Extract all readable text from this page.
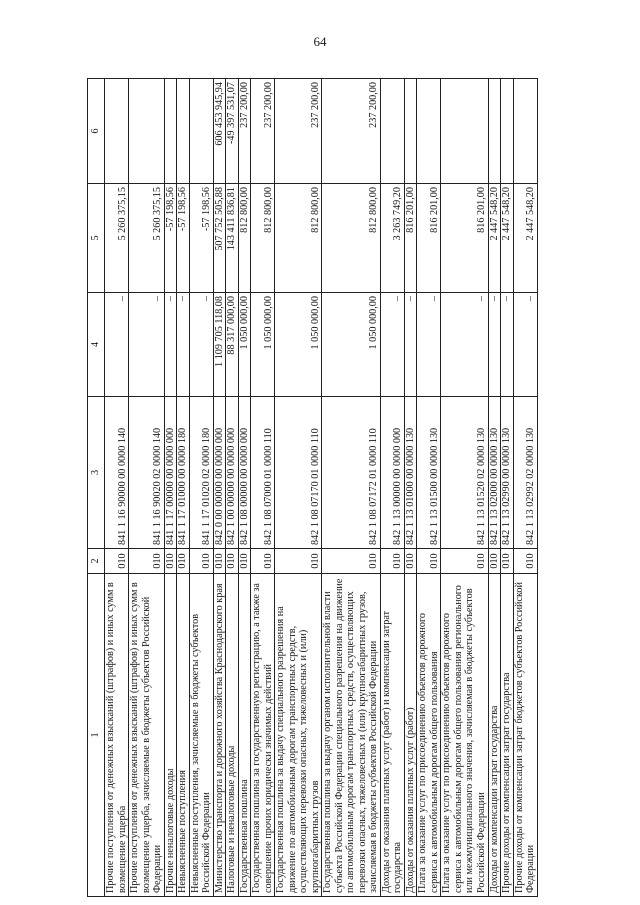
64
1	2	3	4	5	6
Прочие поступления от денежных взысканий (штрафов) и иных сумм в возмещение ущерба	010	841 1 16 90000 00 0000 140	–	5 260 375,15	
Прочие поступления от денежных взысканий (штрафов) и иных сумм в возмещение ущерба, зачисляемые в бюджеты субъектов Российской Федерации	010	841 1 16 90020 02 0000 140	–	5 260 375,15	
Прочие неналоговые доходы	010	841 1 17 00000 00 0000 000	–	-57 198,56	
Невыясненные поступления	010	841 1 17 01000 00 0000 180	–	-57 198,56	
Невыясненные поступления, зачисляемые в бюджеты субъектов Российской Федерации	010	841 1 17 01020 02 0000 180	–	-57 198,56	
Министерство транспорта и дорожного хозяйства Краснодарского края	010	842 0 00 00000 00 0000 000	1 109 705 118,08	507 752 505,88	606 453 945,94
Налоговые и неналоговые доходы	010	842 1 00 00000 00 0000 000	88 317 000,00	143 411 836,81	-49 397 531,07
Государственная пошлина	010	842 1 08 00000 00 0000 000	1 050 000,00	812 800,00	237 200,00
Государственная пошлина за государственную регистрацию, а также за совершение прочих юридически значимых действий	010	842 1 08 07000 01 0000 110	1 050 000,00	812 800,00	237 200,00
Государственная пошлина за выдачу специального разрешения на движение по автомобильным дорогам транспортных средств, осуществляющих перевозки опасных, тяжеловесных и (или) крупногабаритных грузов	010	842 1 08 07170 01 0000 110	1 050 000,00	812 800,00	237 200,00
Государственная пошлина за выдачу органом исполнительной власти субъекта Российской Федерации специального разрешения на движение по автомобильным дорогам транспортных средств, осуществляющих перевозки опасных, тяжеловесных и (или) крупногабаритных грузов, зачисляемая в бюджеты субъектов Российской Федерации	010	842 1 08 07172 01 0000 110	1 050 000,00	812 800,00	237 200,00
Доходы от оказания платных услуг (работ) и компенсации затрат государства	010	842 1 13 00000 00 0000 000	–	3 263 749,20	
Доходы от оказания платных услуг (работ)	010	842 1 13 01000 00 0000 130	–	816 201,00	
Плата за оказание услуг по присоединению объектов дорожного сервиса к автомобильным дорогам общего пользования	010	842 1 13 01500 00 0000 130	–	816 201,00	
Плата за оказание услуг по присоединению объектов дорожного сервиса к автомобильным дорогам общего пользования регионального или межмуниципального значения, зачисляемая в бюджеты субъектов Российской Федерации	010	842 1 13 01520 02 0000 130	–	816 201,00	
Доходы от компенсации затрат государства	010	842 1 13 02000 00 0000 130	–	2 447 548,20	
Прочие доходы от компенсации затрат государства	010	842 1 13 02990 00 0000 130	–	2 447 548,20	
Прочие доходы от компенсации затрат бюджетов субъектов Российской Федерации	010	842 1 13 02992 02 0000 130	–	2 447 548,20	
